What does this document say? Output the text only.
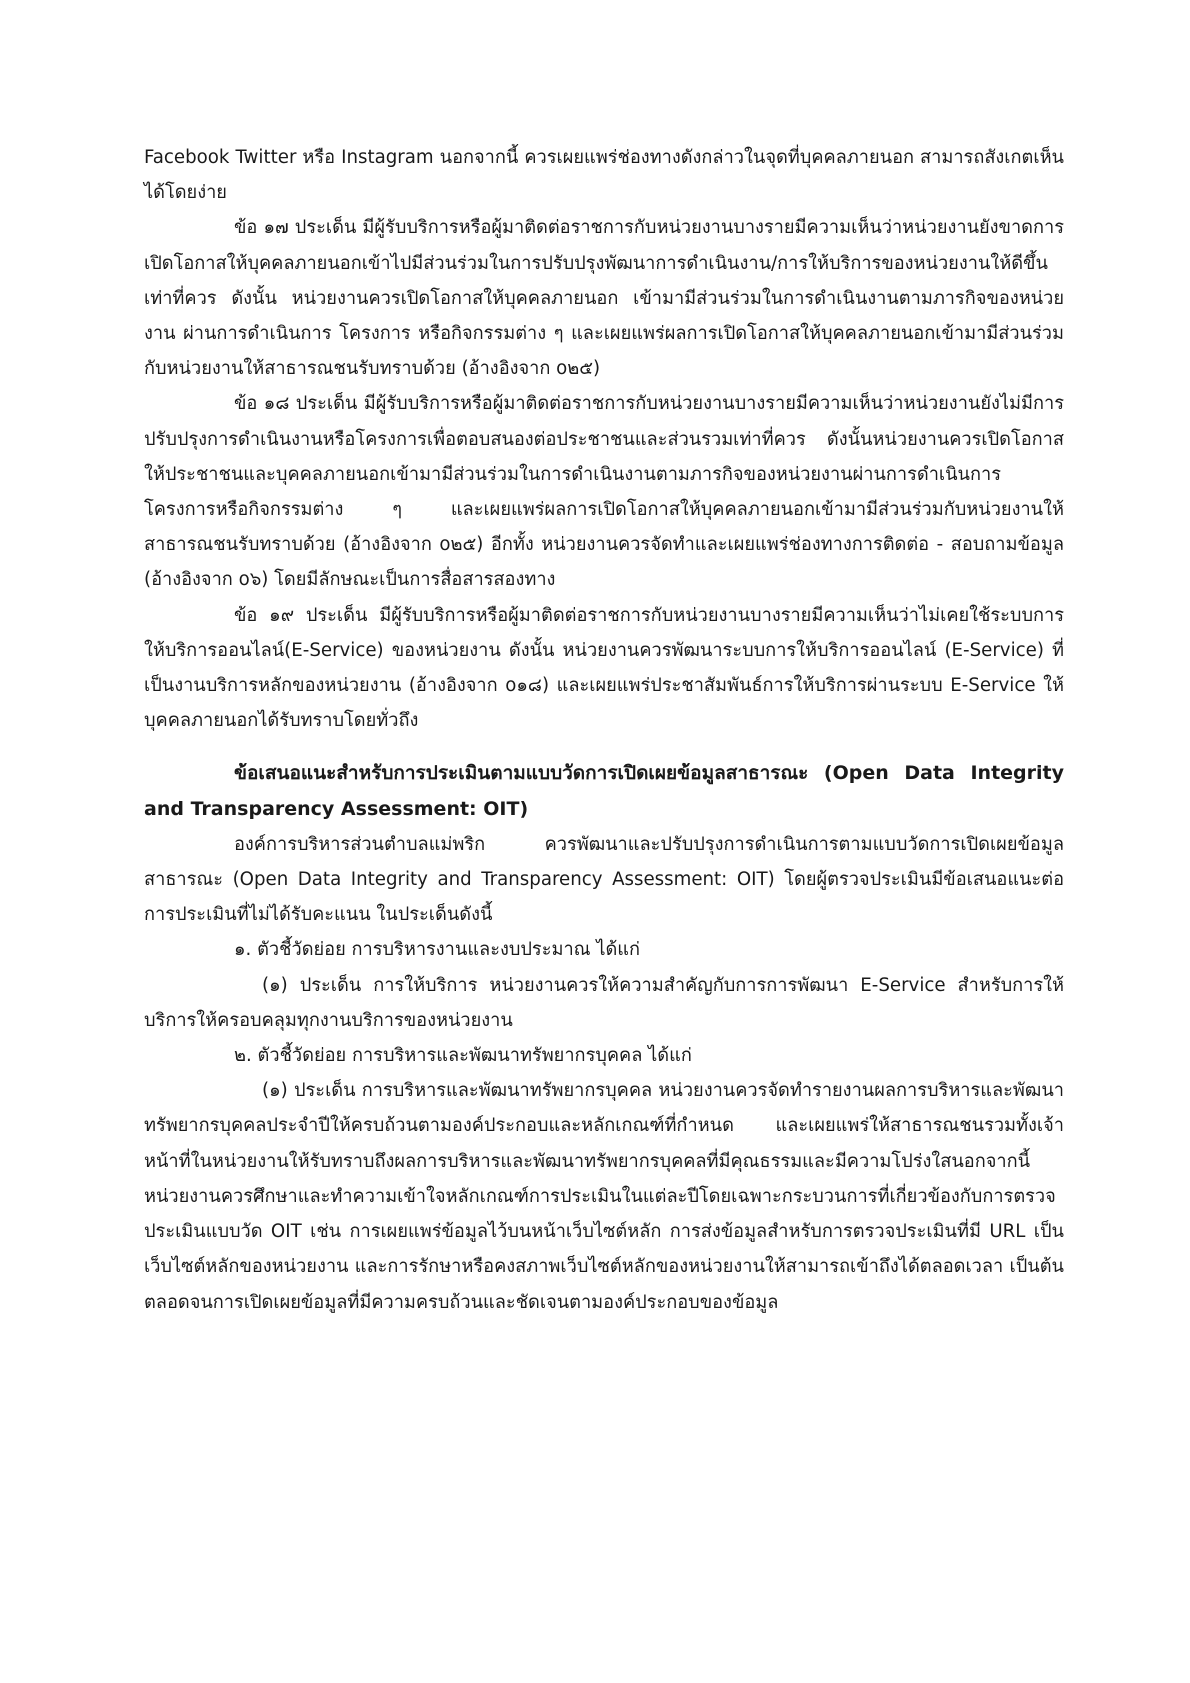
Facebook Twitter หรือ Instagram นอกจากนี้ ควรเผยแพร่ช่องทางดังกล่าวในจุดที่บุคคลภายนอก สามารถสังเกตเห็นได้โดยง่าย

ข้อ ๑๗ ประเด็น มีผู้รับบริการหรือผู้มาติดต่อราชการกับหน่วยงานบางรายมีความเห็นว่าหน่วยงานยังขาดการเปิดโอกาสให้บุคคลภายนอกเข้าไปมีส่วนร่วมในการปรับปรุงพัฒนาการดำเนินงาน/การให้บริการของหน่วยงานให้ดีขึ้นเท่าที่ควร ดังนั้น หน่วยงานควรเปิดโอกาสให้บุคคลภายนอก เข้ามามีส่วนร่วมในการดำเนินงานตามภารกิจของหน่วยงาน ผ่านการดำเนินการ โครงการ หรือกิจกรรมต่าง ๆ และเผยแพร่ผลการเปิดโอกาสให้บุคคลภายนอกเข้ามามีส่วนร่วมกับหน่วยงานให้สาธารณชนรับทราบด้วย (อ้างอิงจาก o๒๕)

ข้อ ๑๘ ประเด็น มีผู้รับบริการหรือผู้มาติดต่อราชการกับหน่วยงานบางรายมีความเห็นว่าหน่วยงานยังไม่มีการปรับปรุงการดำเนินงานหรือโครงการเพื่อตอบสนองต่อประชาชนและส่วนรวมเท่าที่ควร ดังนั้นหน่วยงานควรเปิดโอกาสให้ประชาชนและบุคคลภายนอกเข้ามามีส่วนร่วมในการดำเนินงานตามภารกิจของหน่วยงานผ่านการดำเนินการโครงการหรือกิจกรรมต่าง ๆ และเผยแพร่ผลการเปิดโอกาสให้บุคคลภายนอกเข้ามามีส่วนร่วมกับหน่วยงานให้สาธารณชนรับทราบด้วย (อ้างอิงจาก o๒๕) อีกทั้ง หน่วยงานควรจัดทำและเผยแพร่ช่องทางการติดต่อ - สอบถามข้อมูล (อ้างอิงจาก o๖) โดยมีลักษณะเป็นการสื่อสารสองทาง

ข้อ ๑๙ ประเด็น มีผู้รับบริการหรือผู้มาติดต่อราชการกับหน่วยงานบางรายมีความเห็นว่าไม่เคยใช้ระบบการให้บริการออนไลน์(E-Service) ของหน่วยงาน ดังนั้น หน่วยงานควรพัฒนาระบบการให้บริการออนไลน์ (E-Service) ที่เป็นงานบริการหลักของหน่วยงาน (อ้างอิงจาก o๑๘) และเผยแพร่ประชาสัมพันธ์การให้บริการผ่านระบบ E-Service ให้บุคคลภายนอกได้รับทราบโดยทั่วถึง

ข้อเสนอแนะสำหรับการประเมินตามแบบวัดการเปิดเผยข้อมูลสาธารณะ (Open Data Integrity and Transparency Assessment: OIT)

องค์การบริหารส่วนตำบลแม่พริก ควรพัฒนาและปรับปรุงการดำเนินการตามแบบวัดการเปิดเผยข้อมูลสาธารณะ (Open Data Integrity and Transparency Assessment: OIT) โดยผู้ตรวจประเมินมีข้อเสนอแนะต่อการประเมินที่ไม่ได้รับคะแนน ในประเด็นดังนี้

๑. ตัวชี้วัดย่อย การบริหารงานและงบประมาณ ได้แก่

(๑) ประเด็น การให้บริการ หน่วยงานควรให้ความสำคัญกับการการพัฒนา E-Service สำหรับการให้บริการให้ครอบคลุมทุกงานบริการของหน่วยงาน

๒. ตัวชี้วัดย่อย การบริหารและพัฒนาทรัพยากรบุคคล ได้แก่

(๑) ประเด็น การบริหารและพัฒนาทรัพยากรบุคคล หน่วยงานควรจัดทำรายงานผลการบริหารและพัฒนาทรัพยากรบุคคลประจำปีให้ครบถ้วนตามองค์ประกอบและหลักเกณฑ์ที่กำหนด และเผยแพร่ให้สาธารณชนรวมทั้งเจ้าหน้าที่ในหน่วยงานให้รับทราบถึงผลการบริหารและพัฒนาทรัพยากรบุคคลที่มีคุณธรรมและมีความโปร่งใสนอกจากนี้หน่วยงานควรศึกษาและทำความเข้าใจหลักเกณฑ์การประเมินในแต่ละปีโดยเฉพาะกระบวนการที่เกี่ยวข้องกับการตรวจประเมินแบบวัด OIT เช่น การเผยแพร่ข้อมูลไว้บนหน้าเว็บไซต์หลัก การส่งข้อมูลสำหรับการตรวจประเมินที่มี URL เป็นเว็บไซต์หลักของหน่วยงาน และการรักษาหรือคงสภาพเว็บไซต์หลักของหน่วยงานให้สามารถเข้าถึงได้ตลอดเวลา เป็นต้น ตลอดจนการเปิดเผยข้อมูลที่มีความครบถ้วนและชัดเจนตามองค์ประกอบของข้อมูล
